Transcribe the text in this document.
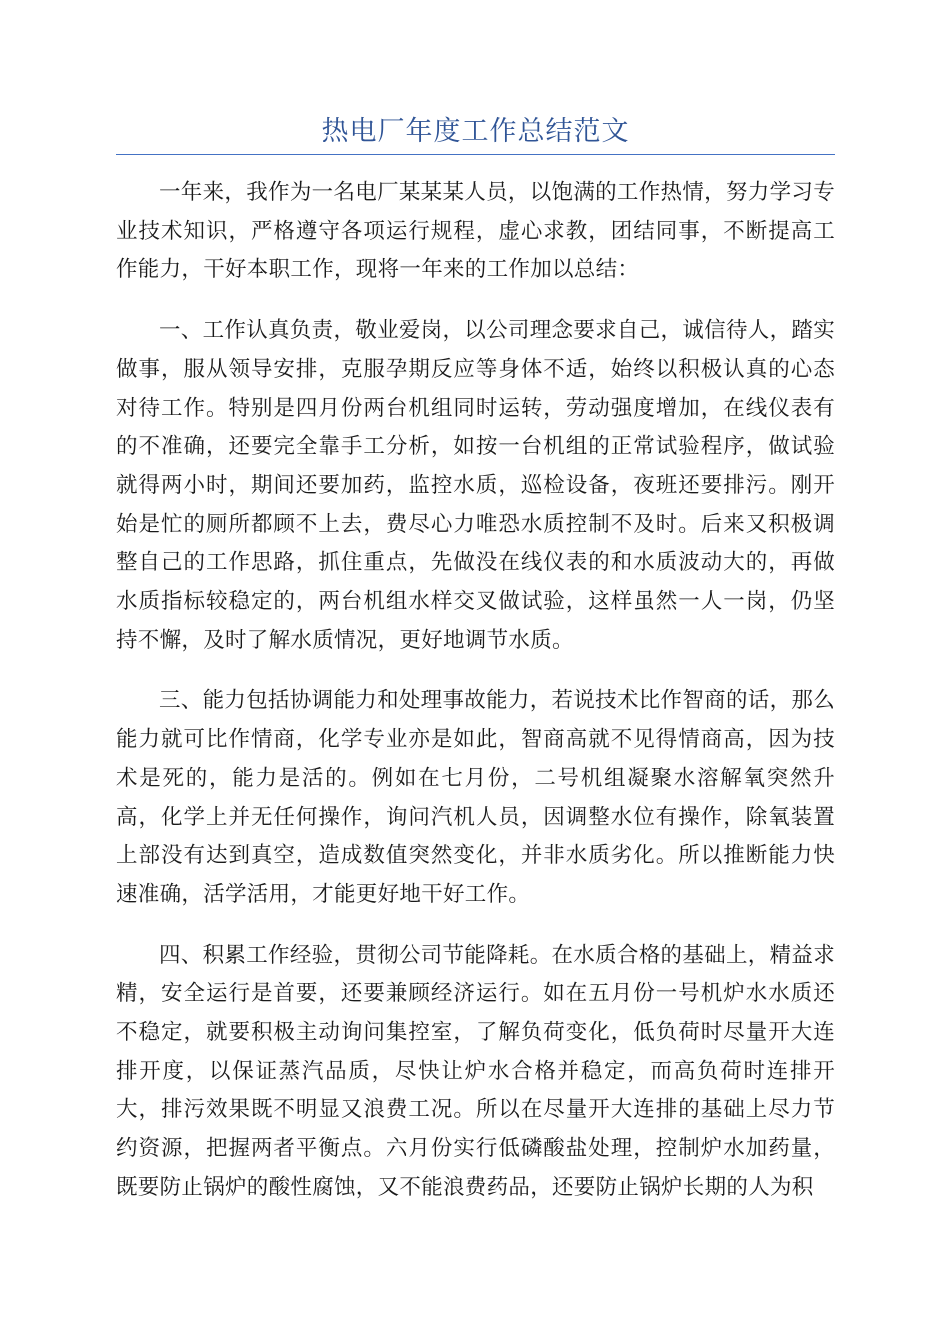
热电厂年度工作总结范文

一年来，我作为一名电厂某某某人员，以饱满的工作热情，努力学习专业技术知识，严格遵守各项运行规程，虚心求教，团结同事，不断提高工作能力，干好本职工作，现将一年来的工作加以总结：

一、工作认真负责，敬业爱岗，以公司理念要求自己，诚信待人，踏实做事，服从领导安排，克服孕期反应等身体不适，始终以积极认真的心态对待工作。特别是四月份两台机组同时运转，劳动强度增加，在线仪表有的不准确，还要完全靠手工分析，如按一台机组的正常试验程序，做试验就得两小时，期间还要加药，监控水质，巡检设备，夜班还要排污。刚开始是忙的厕所都顾不上去，费尽心力唯恐水质控制不及时。后来又积极调整自己的工作思路，抓住重点，先做没在线仪表的和水质波动大的，再做水质指标较稳定的，两台机组水样交叉做试验，这样虽然一人一岗，仍坚持不懈，及时了解水质情况，更好地调节水质。

三、能力包括协调能力和处理事故能力，若说技术比作智商的话，那么能力就可比作情商，化学专业亦是如此，智商高就不见得情商高，因为技术是死的，能力是活的。例如在七月份，二号机组凝聚水溶解氧突然升高，化学上并无任何操作，询问汽机人员，因调整水位有操作，除氧装置上部没有达到真空，造成数值突然变化，并非水质劣化。所以推断能力快速准确，活学活用，才能更好地干好工作。

四、积累工作经验，贯彻公司节能降耗。在水质合格的基础上，精益求精，安全运行是首要，还要兼顾经济运行。如在五月份一号机炉水水质还不稳定，就要积极主动询问集控室，了解负荷变化，低负荷时尽量开大连排开度，以保证蒸汽品质，尽快让炉水合格并稳定，而高负荷时连排开大，排污效果既不明显又浪费工况。所以在尽量开大连排的基础上尽力节约资源，把握两者平衡点。六月份实行低磷酸盐处理，控制炉水加药量，既要防止锅炉的酸性腐蚀，又不能浪费药品，还要防止锅炉长期的人为积
